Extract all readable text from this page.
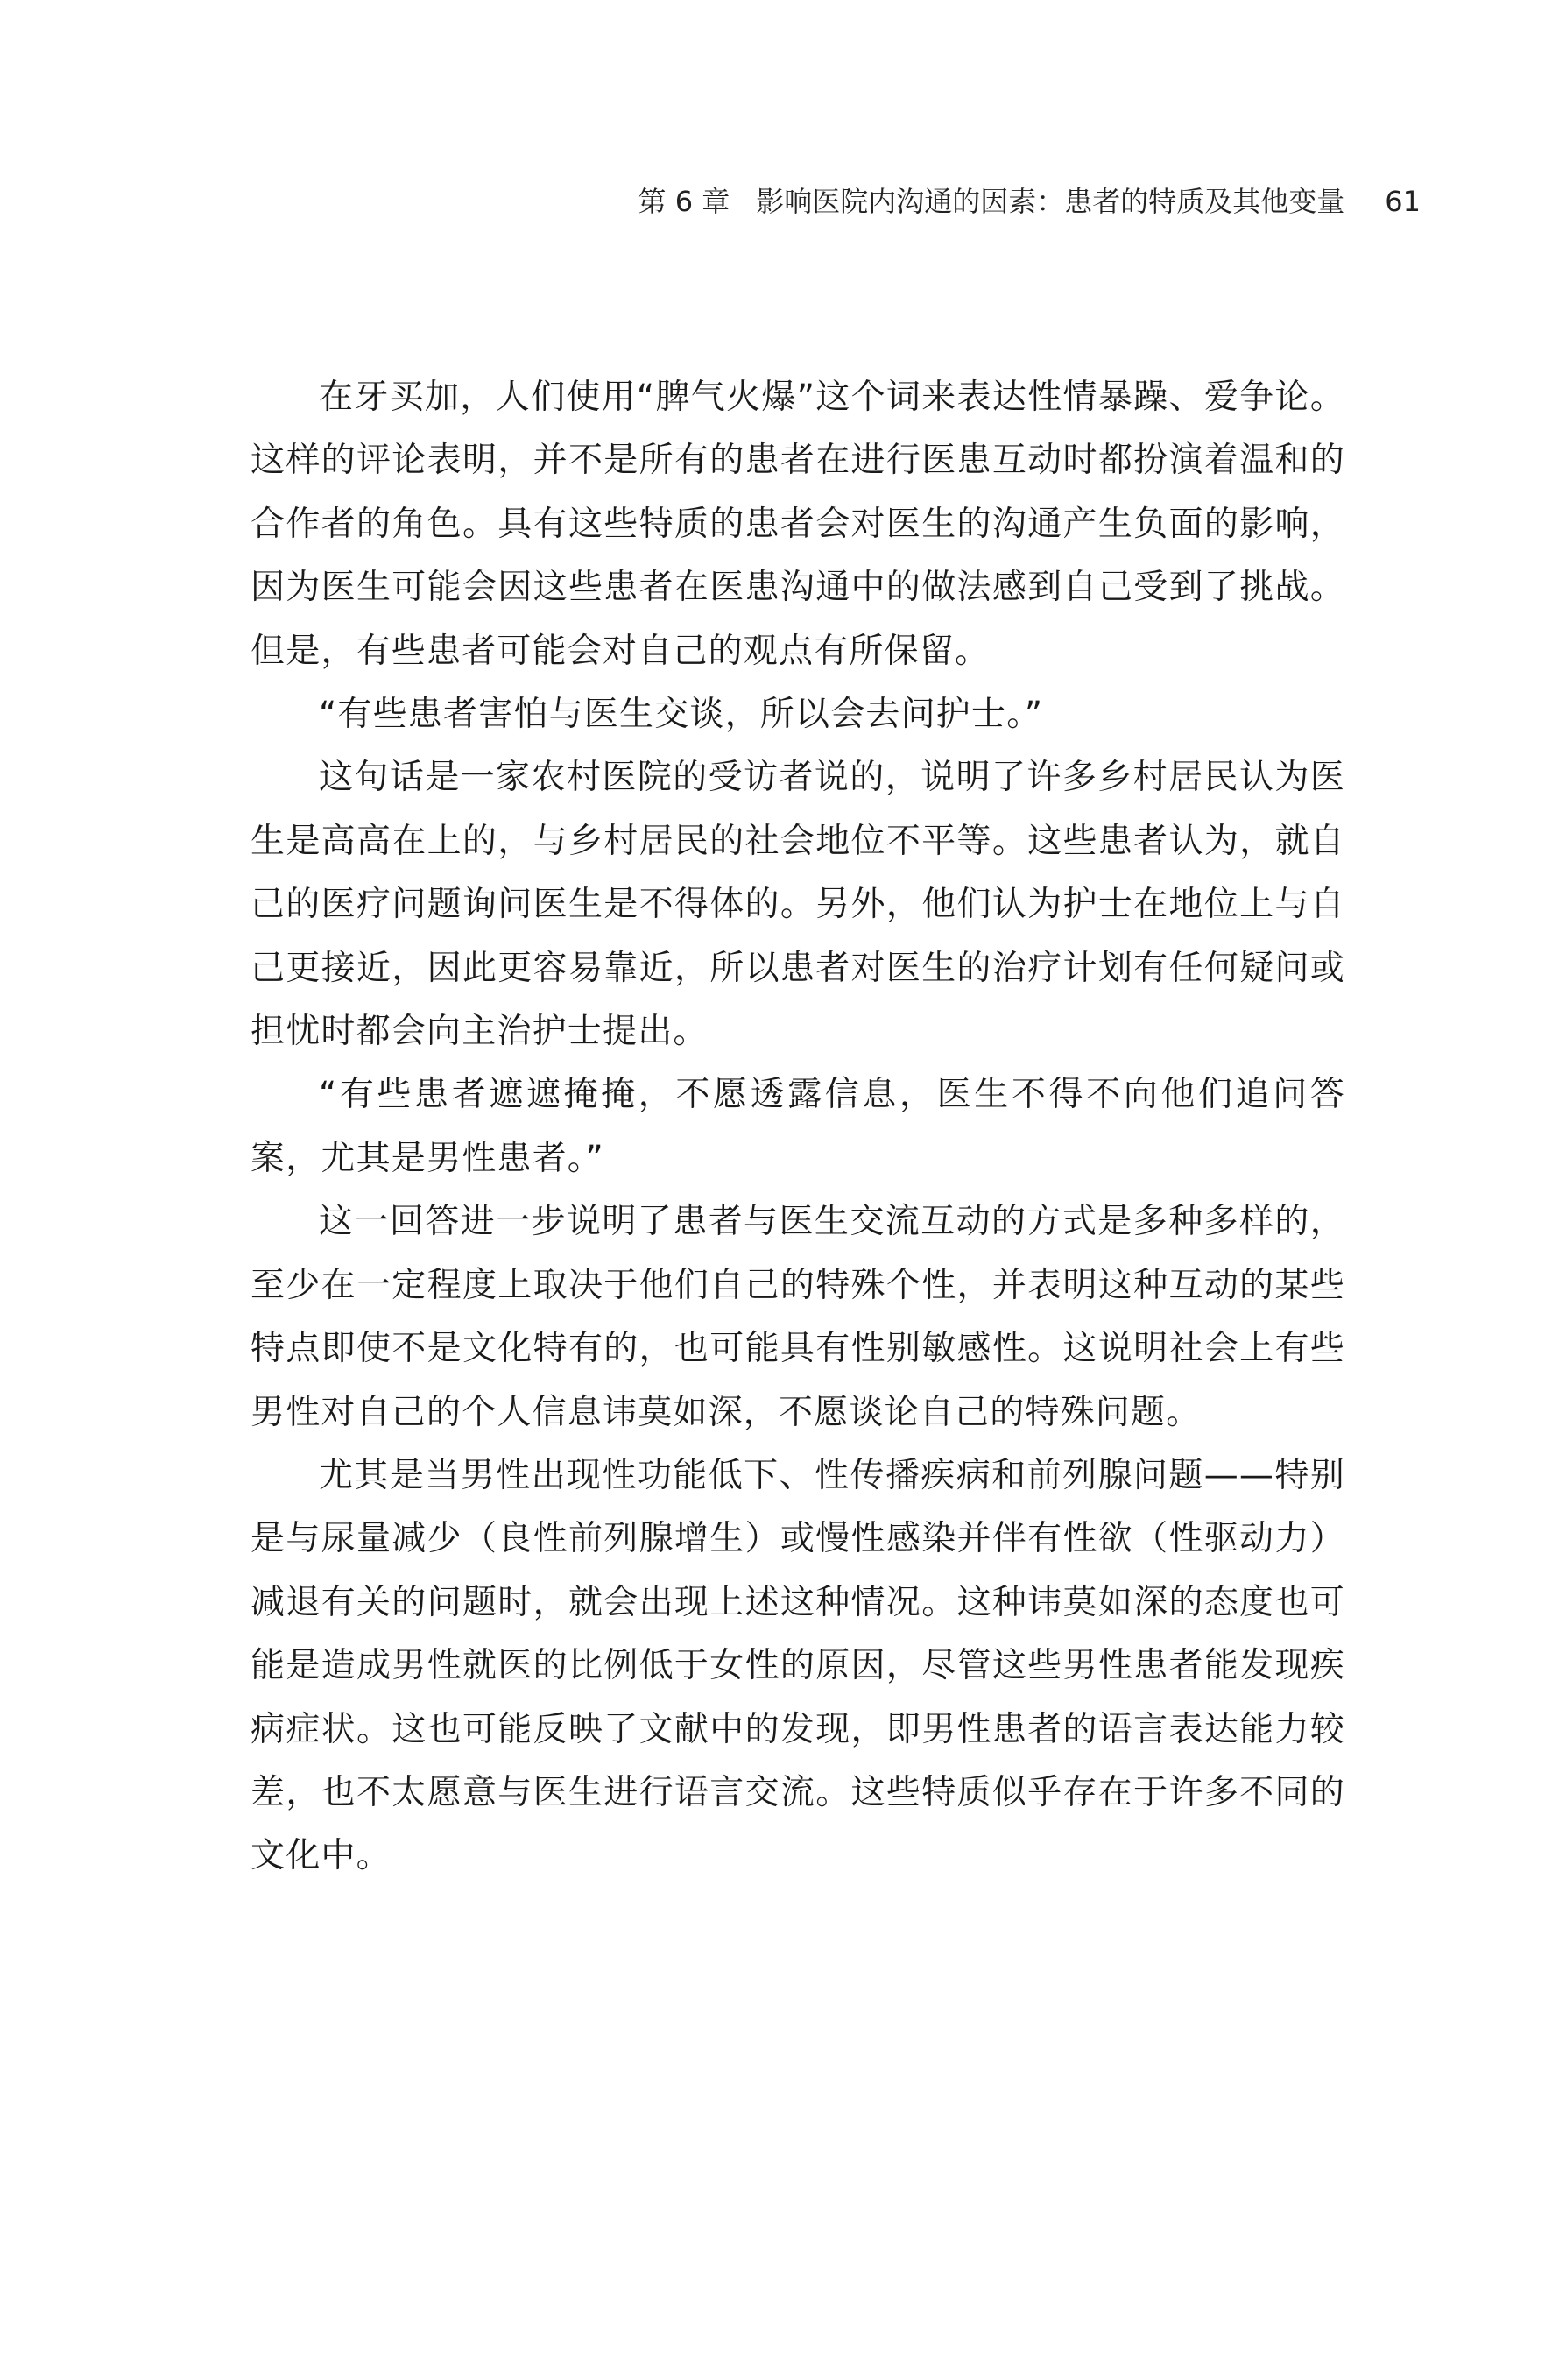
第 6 章 影响医院内沟通的因素：患者的特质及其他变量 61

在牙买加，人们使用“脾气火爆”这个词来表达性情暴躁、爱争论。这样的评论表明，并不是所有的患者在进行医患互动时都扮演着温和的合作者的角色。具有这些特质的患者会对医生的沟通产生负面的影响，因为医生可能会因这些患者在医患沟通中的做法感到自己受到了挑战。但是，有些患者可能会对自己的观点有所保留。

“有些患者害怕与医生交谈，所以会去问护士。”

这句话是一家农村医院的受访者说的，说明了许多乡村居民认为医生是高高在上的，与乡村居民的社会地位不平等。这些患者认为，就自己的医疗问题询问医生是不得体的。另外，他们认为护士在地位上与自己更接近，因此更容易靠近，所以患者对医生的治疗计划有任何疑问或担忧时都会向主治护士提出。

“有些患者遮遮掩掩，不愿透露信息，医生不得不向他们追问答案，尤其是男性患者。”

这一回答进一步说明了患者与医生交流互动的方式是多种多样的，至少在一定程度上取决于他们自己的特殊个性，并表明这种互动的某些特点即使不是文化特有的，也可能具有性别敏感性。这说明社会上有些男性对自己的个人信息讳莫如深，不愿谈论自己的特殊问题。

尤其是当男性出现性功能低下、性传播疾病和前列腺问题——特别是与尿量减少（良性前列腺增生）或慢性感染并伴有性欲（性驱动力）减退有关的问题时，就会出现上述这种情况。这种讳莫如深的态度也可能是造成男性就医的比例低于女性的原因，尽管这些男性患者能发现疾病症状。这也可能反映了文献中的发现，即男性患者的语言表达能力较差，也不太愿意与医生进行语言交流。这些特质似乎存在于许多不同的文化中。
